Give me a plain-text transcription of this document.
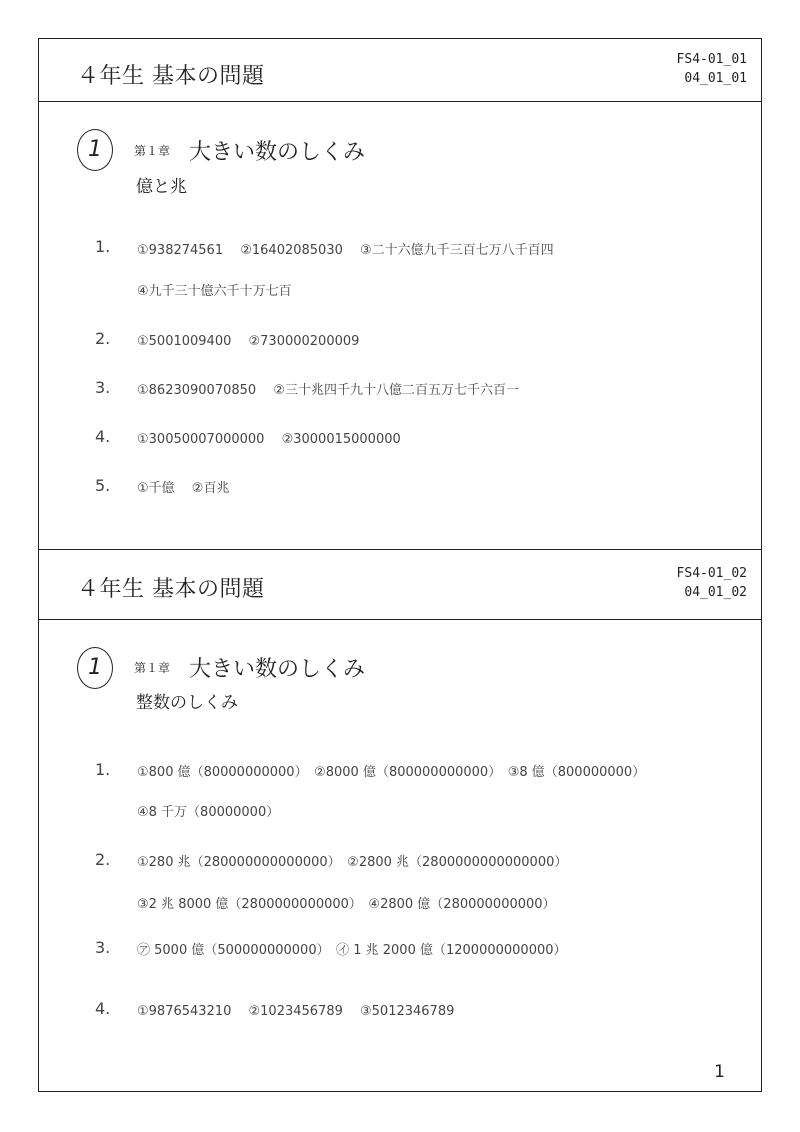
４年生 基本の問題
FS4-01_01
04_01_01
1	第１章 大きい数のしくみ
億と兆
1. ①938274561　 ②16402085030　 ③二十六億九千三百七万八千百四
④九千三十億六千十万七百
2. ①5001009400　 ②730000200009
3. ①8623090070850　 ②三十兆四千九十八億二百五万七千六百一
4. ①30050007000000　 ②3000015000000
5. ①千億　 ②百兆
４年生 基本の問題
FS4-01_02
04_01_02
1	第１章 大きい数のしくみ
整数のしくみ
1. ①800 億（80000000000）　②8000 億（800000000000）　③8 億（800000000）
④8 千万（80000000）
2. ①280 兆（280000000000000）　②2800 兆（2800000000000000）
③2 兆 8000 億（2800000000000）　④2800 億（280000000000）
3. ㋐ 5000 億（500000000000）　㋑ 1 兆 2000 億（1200000000000）
4. ①9876543210　 ②1023456789　 ③5012346789
1
